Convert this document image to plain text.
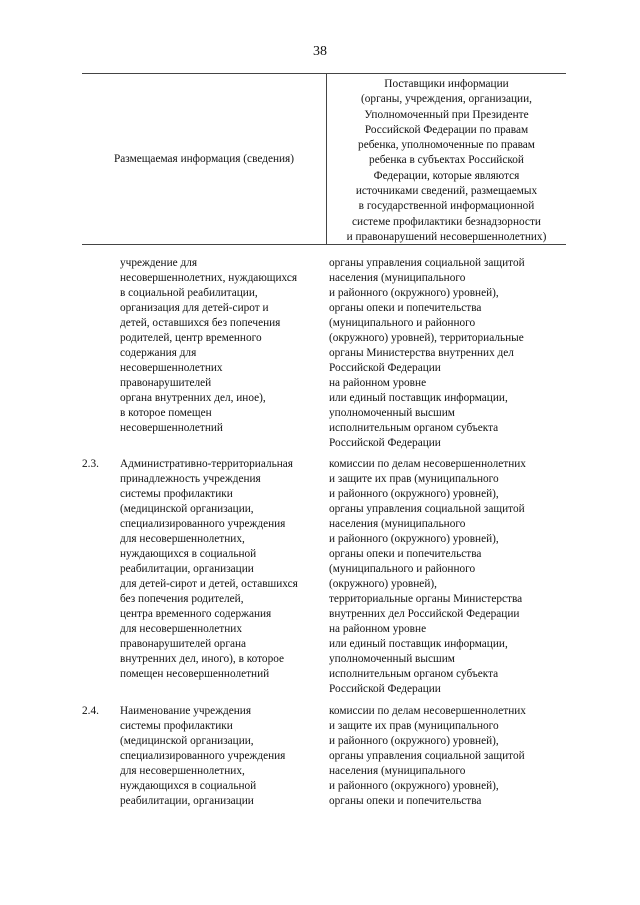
38
Размещаемая информация (сведения)
Поставщики информации
(органы, учреждения, организации,
Уполномоченный при Президенте
Российской Федерации по правам
ребенка, уполномоченные по правам
ребенка в субъектах Российской
Федерации, которые являются
источниками сведений, размещаемых
в государственной информационной
системе профилактики безнадзорности
и правонарушений несовершеннолетних)
учреждение для
несовершеннолетних, нуждающихся
в социальной реабилитации,
организация для детей-сирот и
детей, оставшихся без попечения
родителей, центр временного
содержания для
несовершеннолетних
правонарушителей
органа внутренних дел, иное),
в которое помещен
несовершеннолетний
органы управления социальной защитой
населения (муниципального
и районного (окружного) уровней),
органы опеки и попечительства
(муниципального и районного
(окружного) уровней), территориальные
органы Министерства внутренних дел
Российской Федерации
на районном уровне
или единый поставщик информации,
уполномоченный высшим
исполнительным органом субъекта
Российской Федерации
2.3.	Административно-территориальная
принадлежность учреждения
системы профилактики
(медицинской организации,
специализированного учреждения
для несовершеннолетних,
нуждающихся в социальной
реабилитации, организации
для детей-сирот и детей, оставшихся
без попечения родителей,
центра временного содержания
для несовершеннолетних
правонарушителей органа
внутренних дел, иного), в которое
помещен несовершеннолетний
комиссии по делам несовершеннолетних
и защите их прав (муниципального
и районного (окружного) уровней),
органы управления социальной защитой
населения (муниципального
и районного (окружного) уровней),
органы опеки и попечительства
(муниципального и районного
(окружного) уровней),
территориальные органы Министерства
внутренних дел Российской Федерации
на районном уровне
или единый поставщик информации,
уполномоченный высшим
исполнительным органом субъекта
Российской Федерации
2.4.	Наименование учреждения
системы профилактики
(медицинской организации,
специализированного учреждения
для несовершеннолетних,
нуждающихся в социальной
реабилитации, организации
комиссии по делам несовершеннолетних
и защите их прав (муниципального
и районного (окружного) уровней),
органы управления социальной защитой
населения (муниципального
и районного (окружного) уровней),
органы опеки и попечительства
